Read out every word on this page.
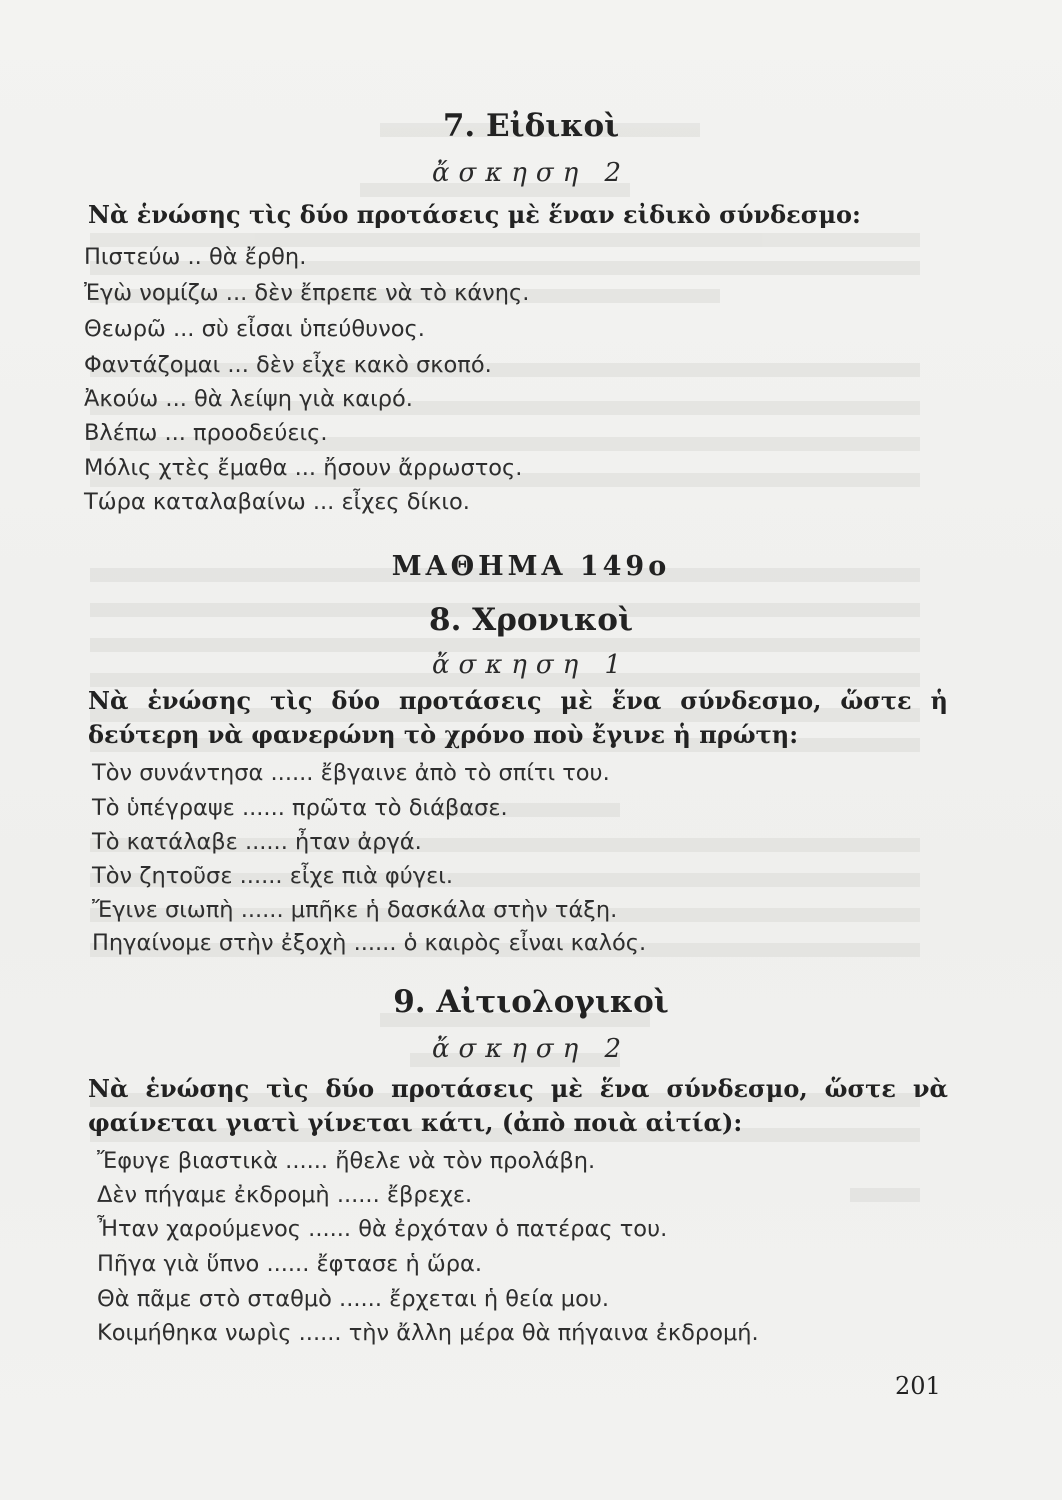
7. Εἰδικοὶ
ἄσκηση 2
Νὰ ἑνώσης τὶς δύο προτάσεις μὲ ἕναν εἰδικὸ σύνδεσμο:
Πιστεύω .. θὰ ἔρθη.
Ἐγὼ νομίζω ... δὲν ἔπρεπε νὰ τὸ κάνης.
Θεωρῶ ... σὺ εἶσαι ὑπεύθυνος.
Φαντάζομαι ... δὲν εἶχε κακὸ σκοπό.
Ἀκούω ... θὰ λείψη γιὰ καιρό.
Βλέπω ... προοδεύεις.
Μόλις χτὲς ἔμαθα ... ἤσουν ἄρρωστος.
Τώρα καταλαβαίνω ... εἶχες δίκιο.
ΜΑΘΗΜΑ 149ο
8. Χρονικοὶ
ἄσκηση 1
Νὰ ἑνώσης τὶς δύο προτάσεις μὲ ἕνα σύνδεσμο, ὥστε ἡ δεύτερη νὰ φανερώνη τὸ χρόνο ποὺ ἔγινε ἡ πρώτη:
Τὸν συνάντησα ...... ἔβγαινε ἀπὸ τὸ σπίτι του.
Τὸ ὑπέγραψε ...... πρῶτα τὸ διάβασε.
Τὸ κατάλαβε ...... ἦταν ἀργά.
Τὸν ζητοῦσε ...... εἶχε πιὰ φύγει.
Ἔγινε σιωπὴ ...... μπῆκε ἡ δασκάλα στὴν τάξη.
Πηγαίνομε στὴν ἐξοχὴ ...... ὁ καιρὸς εἶναι καλός.
9. Αἰτιολογικοὶ
ἄσκηση 2
Νὰ ἑνώσης τὶς δύο προτάσεις μὲ ἕνα σύνδεσμο, ὥστε νὰ φαίνεται γιατὶ γίνεται κάτι, (ἀπὸ ποιὰ αἰτία):
Ἔφυγε βιαστικὰ ...... ἤθελε νὰ τὸν προλάβη.
Δὲν πήγαμε ἐκδρομὴ ...... ἔβρεχε.
Ἦταν χαρούμενος ...... θὰ ἐρχόταν ὁ πατέρας του.
Πῆγα γιὰ ὕπνο ...... ἔφτασε ἡ ὥρα.
Θὰ πᾶμε στὸ σταθμὸ ...... ἔρχεται ἡ θεία μου.
Κοιμήθηκα νωρὶς ...... τὴν ἄλλη μέρα θὰ πήγαινα ἐκδρομή.
201
